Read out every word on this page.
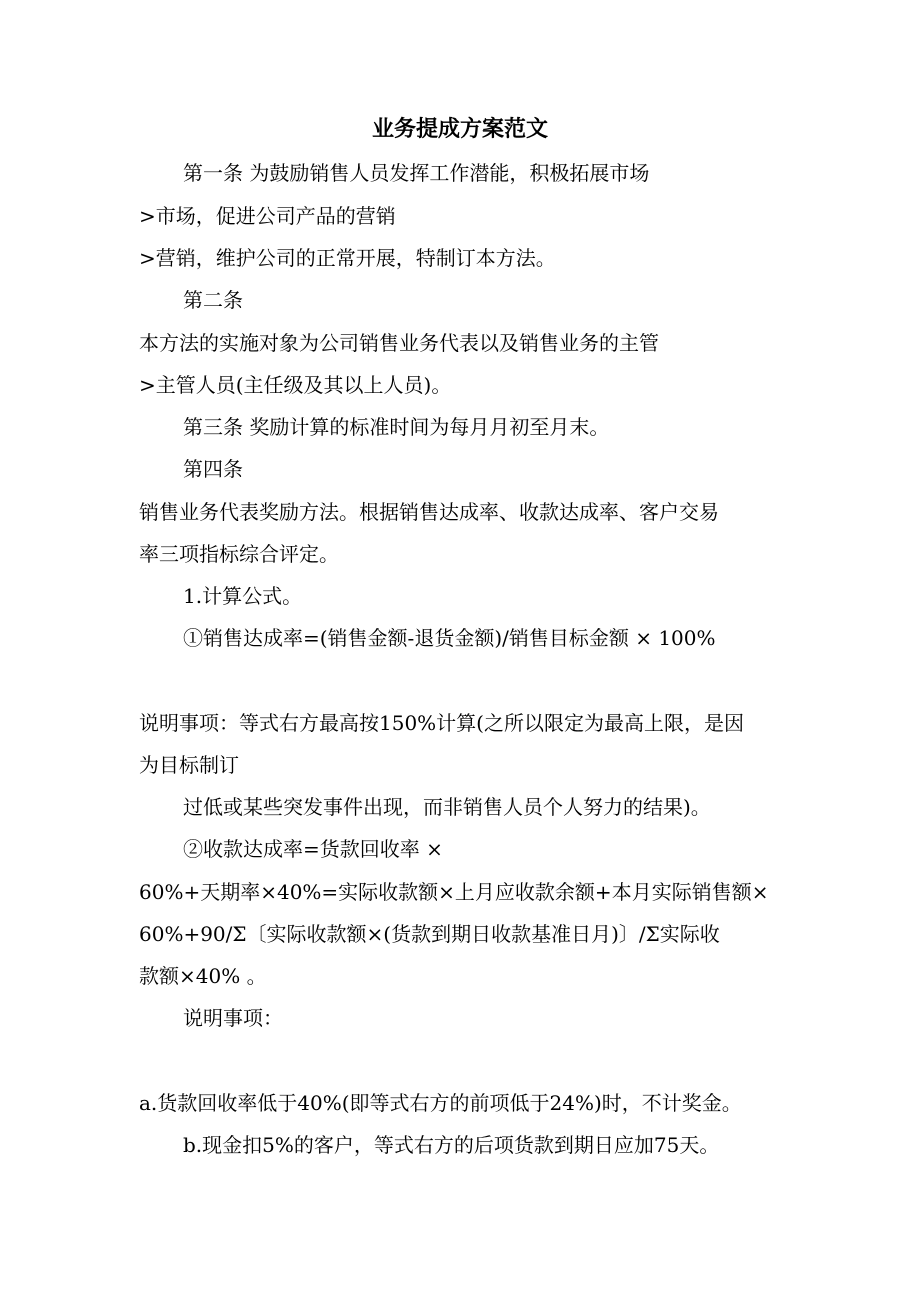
业务提成方案范文
第一条 为鼓励销售人员发挥工作潜能，积极拓展市场
>市场，促进公司产品的营销
>营销，维护公司的正常开展，特制订本方法。
第二条
本方法的实施对象为公司销售业务代表以及销售业务的主管
>主管人员(主任级及其以上人员)。
第三条 奖励计算的标准时间为每月月初至月末。
第四条
销售业务代表奖励方法。根据销售达成率、收款达成率、客户交易
率三项指标综合评定。
1.计算公式。
①销售达成率=(销售金额-退货金额)/销售目标金额 × 100%
说明事项：等式右方最高按150%计算(之所以限定为最高上限，是因
为目标制订
过低或某些突发事件出现，而非销售人员个人努力的结果)。
②收款达成率=货款回收率 ×
60%+天期率×40%=实际收款额×上月应收款余额+本月实际销售额×
60%+90/Σ〔实际收款额×(货款到期日收款基准日月)〕/Σ实际收
款额×40% 。
说明事项：
a.货款回收率低于40%(即等式右方的前项低于24%)时，不计奖金。
b.现金扣5%的客户，等式右方的后项货款到期日应加75天。
